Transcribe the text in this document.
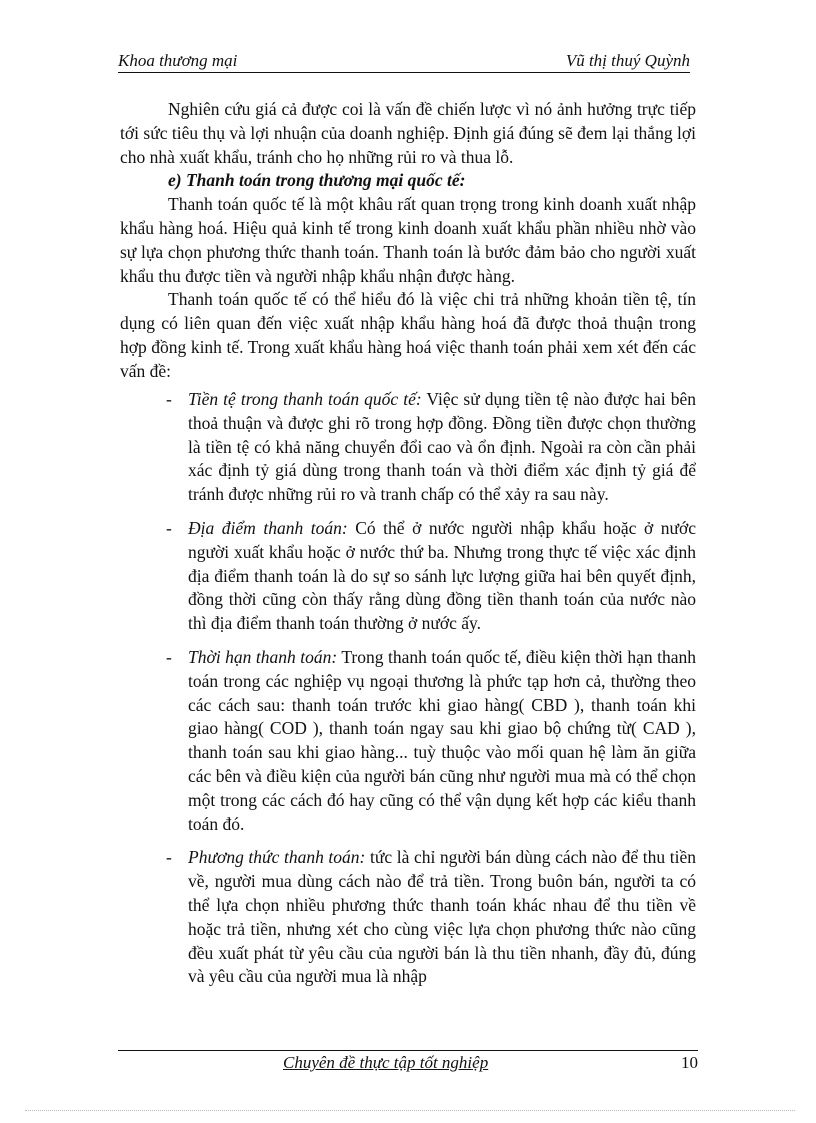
Khoa thương mại	Vũ thị thuý Quỳnh

Nghiên cứu giá cả được coi là vấn đề chiến lược vì nó ảnh hưởng trực tiếp tới sức tiêu thụ và lợi nhuận của doanh nghiệp. Định giá đúng sẽ đem lại thắng lợi cho nhà xuất khẩu, tránh cho họ những rủi ro và thua lỗ.

e) Thanh toán trong thương mại quốc tế:

Thanh toán quốc tế là một khâu rất quan trọng trong kinh doanh xuất nhập khẩu hàng hoá. Hiệu quả kinh tế trong kinh doanh xuất khẩu phần nhiều nhờ vào sự lựa chọn phương thức thanh toán. Thanh toán là bước đảm bảo cho người xuất khẩu thu được tiền và người nhập khẩu nhận được hàng.

Thanh toán quốc tế có thể hiểu đó là việc chi trả những khoản tiền tệ, tín dụng có liên quan đến việc xuất nhập khẩu hàng hoá đã được thoả thuận trong hợp đồng kinh tế. Trong xuất khẩu hàng hoá việc thanh toán phải xem xét đến các vấn đề:

- Tiền tệ trong thanh toán quốc tế: Việc sử dụng tiền tệ nào được hai bên thoả thuận và được ghi rõ trong hợp đồng. Đồng tiền được chọn thường là tiền tệ có khả năng chuyển đổi cao và ổn định. Ngoài ra còn cần phải xác định tỷ giá dùng trong thanh toán và thời điểm xác định tỷ giá để tránh được những rủi ro và tranh chấp có thể xảy ra sau này.
- Địa điểm thanh toán: Có thể ở nước người nhập khẩu hoặc ở nước người xuất khẩu hoặc ở nước thứ ba. Nhưng trong thực tế việc xác định địa điểm thanh toán là do sự so sánh lực lượng giữa hai bên quyết định, đồng thời cũng còn thấy rằng dùng đồng tiền thanh toán của nước nào thì địa điểm thanh toán thường ở nước ấy.
- Thời hạn thanh toán: Trong thanh toán quốc tế, điều kiện thời hạn thanh toán trong các nghiệp vụ ngoại thương là phức tạp hơn cả, thường theo các cách sau: thanh toán trước khi giao hàng( CBD ), thanh toán khi giao hàng( COD ), thanh toán ngay sau khi giao bộ chứng từ( CAD ), thanh toán sau khi giao hàng... tuỳ thuộc vào mối quan hệ làm ăn giữa các bên và điều kiện của người bán cũng như người mua mà có thể chọn một trong các cách đó hay cũng có thể vận dụng kết hợp các kiểu thanh toán đó.
- Phương thức thanh toán: tức là chỉ người bán dùng cách nào để thu tiền về, người mua dùng cách nào để trả tiền. Trong buôn bán, người ta có thể lựa chọn nhiều phương thức thanh toán khác nhau để thu tiền về hoặc trả tiền, nhưng xét cho cùng việc lựa chọn phương thức nào cũng đều xuất phát từ yêu cầu của người bán là thu tiền nhanh, đầy đủ, đúng và yêu cầu của người mua là nhập
Chuyên đề thực tập tốt nghiệp	10
